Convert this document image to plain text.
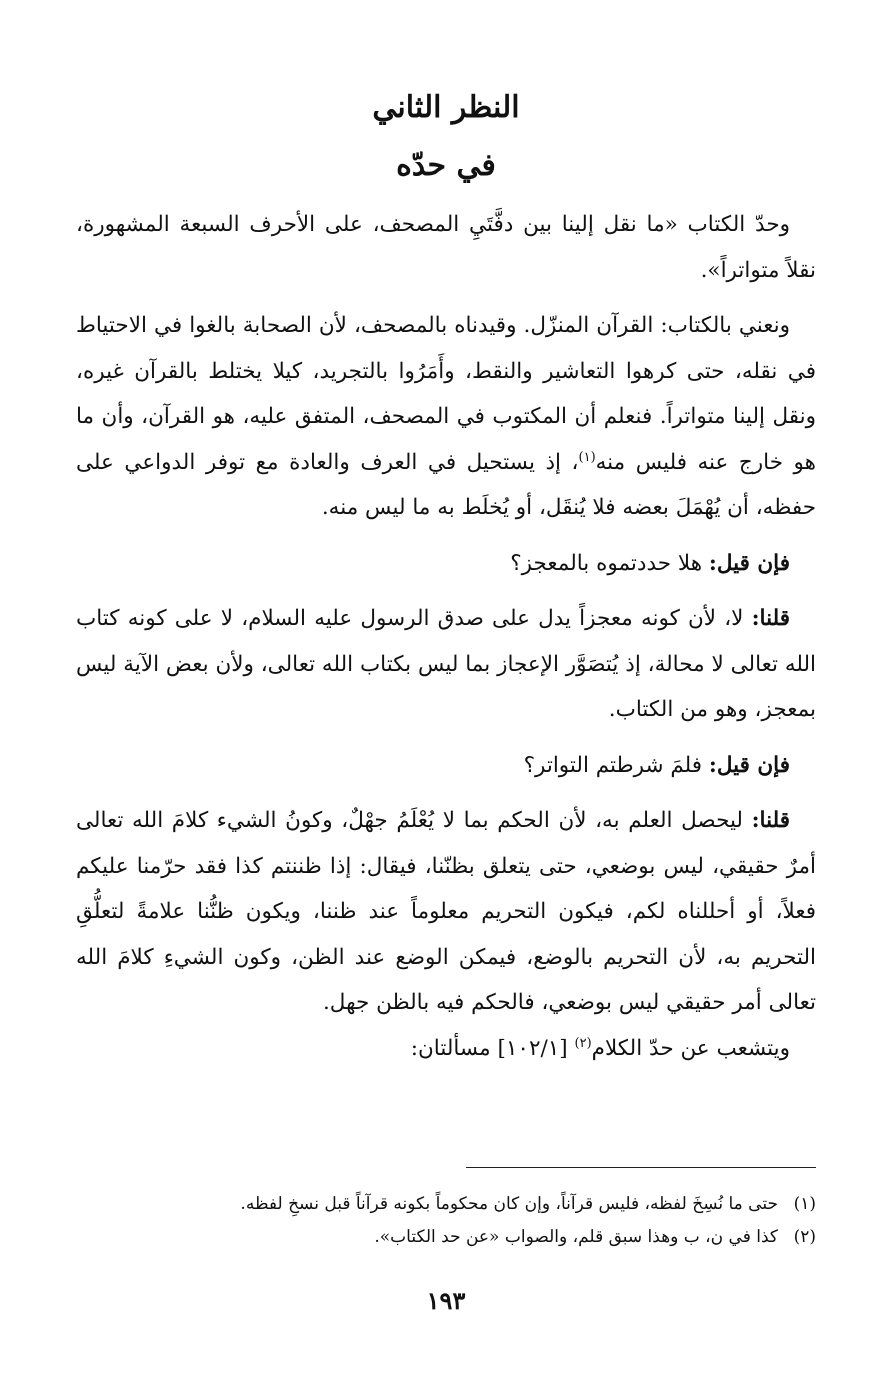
النظر الثاني
في حدّه

وحدّ الكتاب «ما نقل إلينا بين دفَّتَيِ المصحف، على الأحرف السبعة المشهورة، نقلاً متواتراً».

ونعني بالكتاب: القرآن المنزّل. وقيدناه بالمصحف، لأن الصحابة بالغوا في الاحتياط في نقله، حتى كرهوا التعاشير والنقط، وأَمَرُوا بالتجريد، كيلا يختلط بالقرآن غيره، ونقل إلينا متواتراً. فنعلم أن المكتوب في المصحف، المتفق عليه، هو القرآن، وأن ما هو خارج عنه فليس منه$^{(١)}$، إذ يستحيل في العرف والعادة مع توفر الدواعي على حفظه، أن يُهْمَلَ بعضه فلا يُنقَل، أو يُخلَط به ما ليس منه.

فإن قيل: هلا حددتموه بالمعجز؟

قلنا: لا، لأن كونه معجزاً يدل على صدق الرسول عليه السلام، لا على كونه كتاب الله تعالى لا محالة، إذ يُتصَوَّر الإعجاز بما ليس بكتاب الله تعالى، ولأن بعض الآية ليس بمعجز، وهو من الكتاب.

فإن قيل: فلمَ شرطتم التواتر؟

قلنا: ليحصل العلم به، لأن الحكم بما لا يُعْلَمُ جهْلٌ، وكونُ الشيء كلامَ الله تعالى أمرٌ حقيقي، ليس بوضعي، حتى يتعلق بظنّنا، فيقال: إذا ظننتم كذا فقد حرّمنا عليكم فعلاً، أو أحللناه لكم، فيكون التحريم معلوماً عند ظننا، ويكون ظنُّنا علامةً لتعلُّقِ التحريم به، لأن التحريم بالوضع، فيمكن الوضع عند الظن، وكون الشيءِ كلامَ الله تعالى أمر حقيقي ليس بوضعي، فالحكم فيه بالظن جهل.

ويتشعب عن حدّ الكلام$^{(٢)}$ [١٠٢/١] مسألتان:

(١)
حتى ما نُسِخَ لفظه، فليس قرآناً، وإن كان محكوماً بكونه قرآناً قبل نسخِ لفظه.
(٢)
كذا في ن، ب وهذا سبق قلم، والصواب «عن حد الكتاب».
١٩٣
